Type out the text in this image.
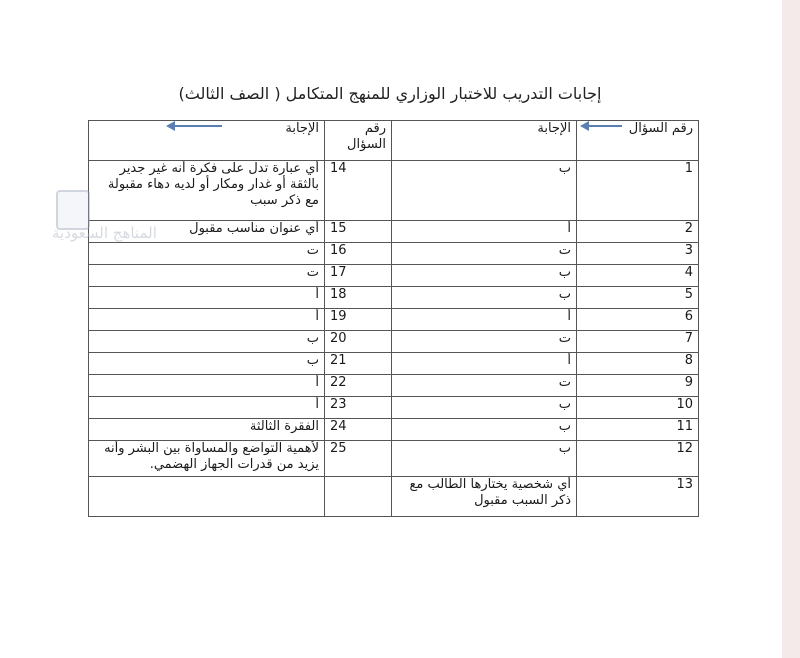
إجابات التدريب للاختبار الوزاري للمنهج المتكامل ( الصف الثالث)
الإجابة	رقم السؤال	الإجابة	رقم السؤال
أي عبارة تدل على فكرة أنه غير جدير بالثقة أو غدار ومكار أو لديه دهاء مقبولة مع ذكر سبب	14	ب	1
أي عنوان مناسب مقبول	15	أ	2
ت	16	ت	3
ت	17	ب	4
أ	18	ب	5
أ	19	أ	6
ب	20	ت	7
ب	21	أ	8
أ	22	ت	9
أ	23	ب	10
الفقرة الثالثة	24	ب	11
لأهمية التواضع والمساواة بين البشر وأنه يزيد من قدرات الجهاز الهضمي.	25	ب	12
		أي شخصية يختارها الطالب مع ذكر السبب مقبول	13
المناهج السعودية
